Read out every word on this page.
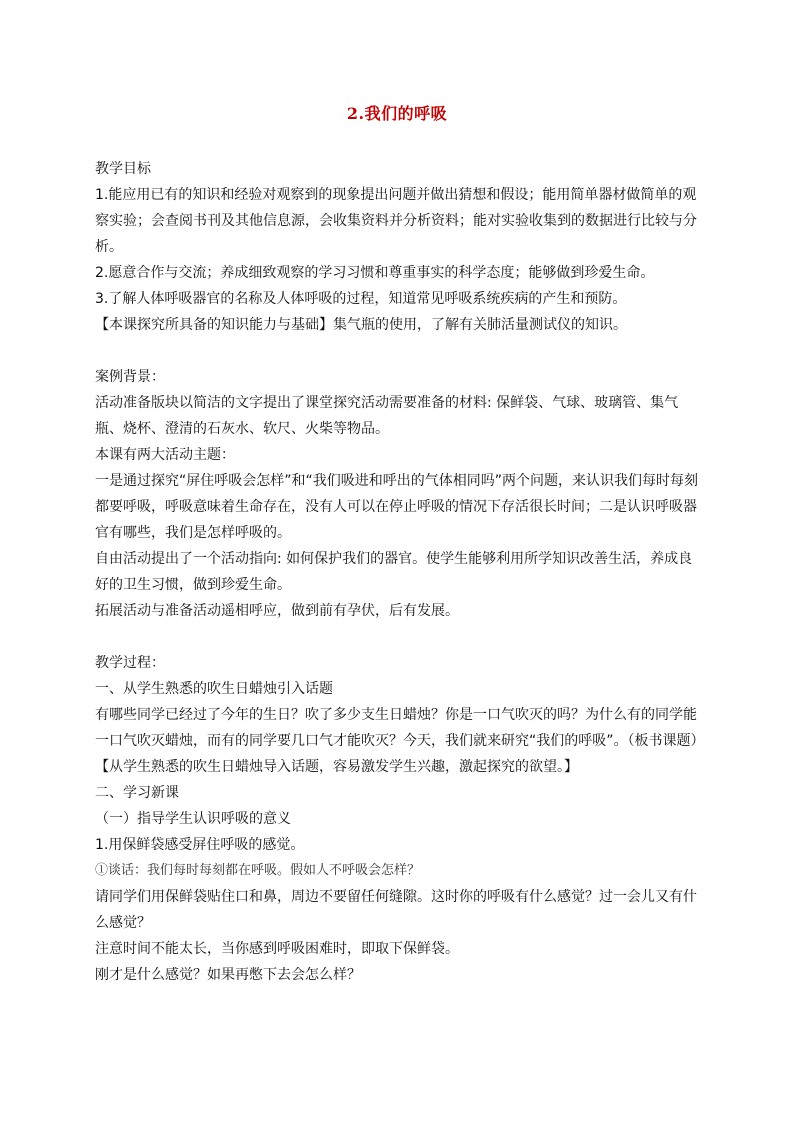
2.我们的呼吸

教学目标

1.能应用已有的知识和经验对观察到的现象提出问题并做出猜想和假设；能用简单器材做简单的观察实验；会查阅书刊及其他信息源，会收集资料并分析资料；能对实验收集到的数据进行比较与分析。

2.愿意合作与交流；养成细致观察的学习习惯和尊重事实的科学态度；能够做到珍爱生命。

3.了解人体呼吸器官的名称及人体呼吸的过程，知道常见呼吸系统疾病的产生和预防。

【本课探究所具备的知识能力与基础】集气瓶的使用，了解有关肺活量测试仪的知识。

案例背景：

活动准备版块以简洁的文字提出了课堂探究活动需要准备的材料: 保鲜袋、气球、玻璃管、集气瓶、烧杯、澄清的石灰水、软尺、火柴等物品。

本课有两大活动主题：

一是通过探究“屏住呼吸会怎样”和“我们吸进和呼出的气体相同吗”两个问题，来认识我们每时每刻都要呼吸，呼吸意味着生命存在，没有人可以在停止呼吸的情况下存活很长时间；二是认识呼吸器官有哪些，我们是怎样呼吸的。

自由活动提出了一个活动指向: 如何保护我们的器官。使学生能够利用所学知识改善生活，养成良好的卫生习惯，做到珍爱生命。

拓展活动与准备活动遥相呼应，做到前有孕伏，后有发展。

教学过程：

一、从学生熟悉的吹生日蜡烛引入话题

有哪些同学已经过了今年的生日？吹了多少支生日蜡烛？你是一口气吹灭的吗？为什么有的同学能一口气吹灭蜡烛，而有的同学要几口气才能吹灭？今天，我们就来研究“我们的呼吸”。（板书课题）

【从学生熟悉的吹生日蜡烛导入话题，容易激发学生兴趣，激起探究的欲望。】

二、学习新课

（一）指导学生认识呼吸的意义

1.用保鲜袋感受屏住呼吸的感觉。

①谈话：我们每时每刻都在呼吸。假如人不呼吸会怎样？

请同学们用保鲜袋贴住口和鼻，周边不要留任何缝隙。这时你的呼吸有什么感觉？过一会儿又有什么感觉？

注意时间不能太长，当你感到呼吸困难时，即取下保鲜袋。

刚才是什么感觉？如果再憋下去会怎么样？
